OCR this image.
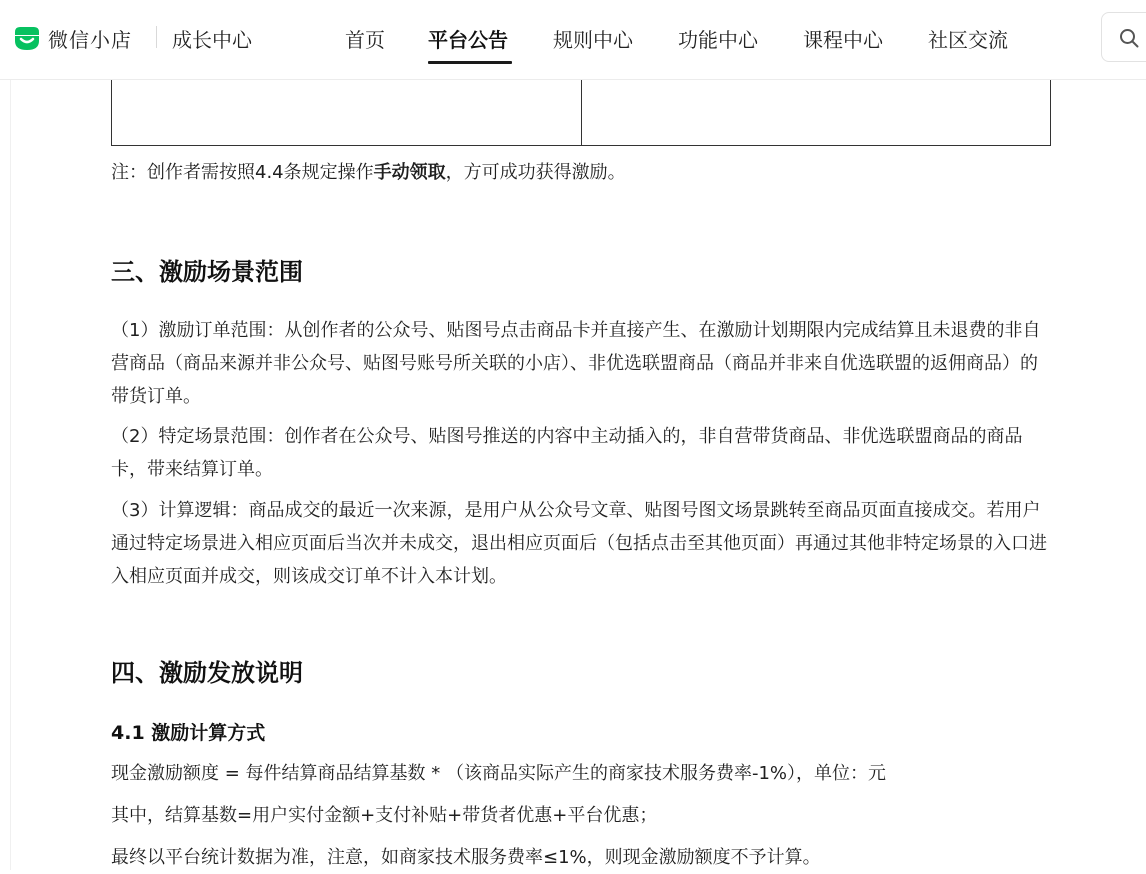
微信小店 成长中心	首页 平台公告 规则中心 功能中心 课程中心 社区交流
注：创作者需按照4.4条规定操作手动领取，方可成功获得激励。
三、激励场景范围
（1）激励订单范围：从创作者的公众号、贴图号点击商品卡并直接产生、在激励计划期限内完成结算且未退费的非自营商品（商品来源并非公众号、贴图号账号所关联的小店）、非优选联盟商品（商品并非来自优选联盟的返佣商品）的带货订单。
（2）特定场景范围：创作者在公众号、贴图号推送的内容中主动插入的，非自营带货商品、非优选联盟商品的商品卡，带来结算订单。
（3）计算逻辑：商品成交的最近一次来源，是用户从公众号文章、贴图号图文场景跳转至商品页面直接成交。若用户通过特定场景进入相应页面后当次并未成交，退出相应页面后（包括点击至其他页面）再通过其他非特定场景的入口进入相应页面并成交，则该成交订单不计入本计划。
四、激励发放说明
4.1 激励计算方式
现金激励额度 = 每件结算商品结算基数 * （该商品实际产生的商家技术服务费率-1%），单位：元
其中，结算基数=用户实付金额+支付补贴+带货者优惠+平台优惠；
最终以平台统计数据为准，注意，如商家技术服务费率≤1%，则现金激励额度不予计算。
